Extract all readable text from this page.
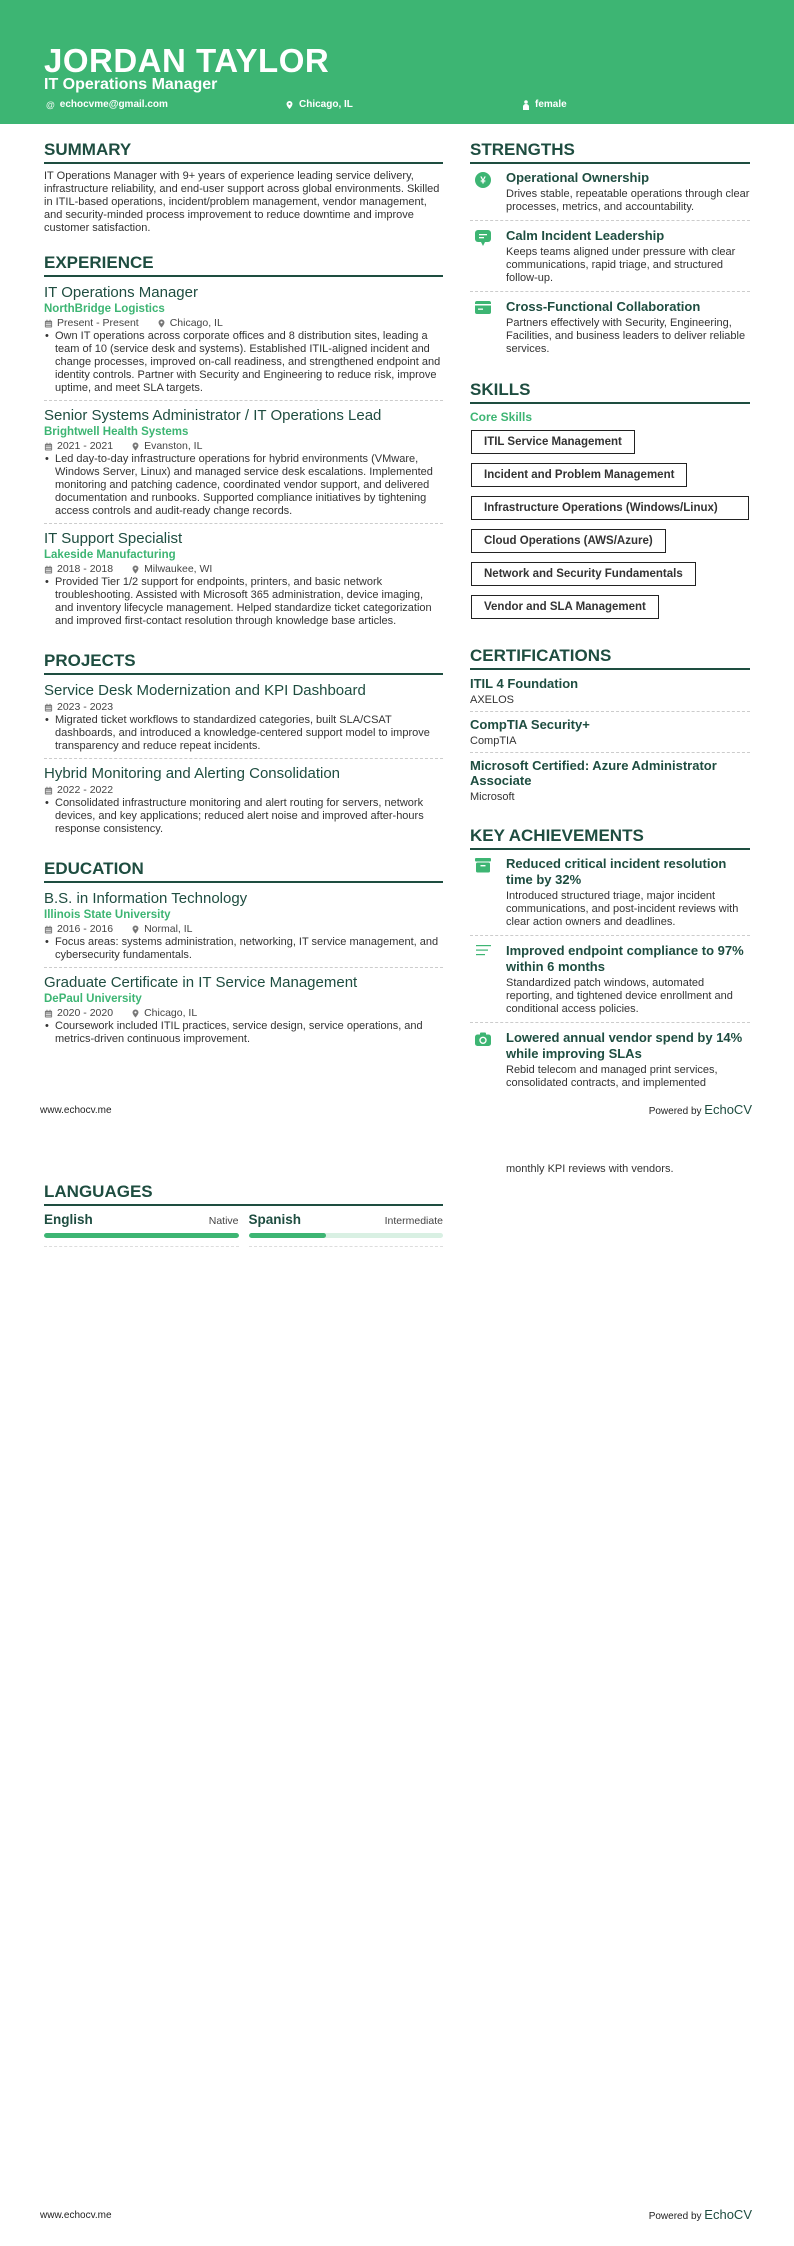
JORDAN TAYLOR
IT Operations Manager
@ echocvme@gmail.com	Chicago, IL	female
SUMMARY
IT Operations Manager with 9+ years of experience leading service delivery, infrastructure reliability, and end-user support across global environments. Skilled in ITIL-based operations, incident/problem management, vendor management, and security-minded process improvement to reduce downtime and improve customer satisfaction.
EXPERIENCE
IT Operations Manager
NorthBridge Logistics
Present - Present	Chicago, IL
• Own IT operations across corporate offices and 8 distribution sites, leading a team of 10 (service desk and systems). Established ITIL-aligned incident and change processes, improved on-call readiness, and strengthened endpoint and identity controls. Partner with Security and Engineering to reduce risk, improve uptime, and meet SLA targets.
Senior Systems Administrator / IT Operations Lead
Brightwell Health Systems
2021 - 2021	Evanston, IL
• Led day-to-day infrastructure operations for hybrid environments (VMware, Windows Server, Linux) and managed service desk escalations. Implemented monitoring and patching cadence, coordinated vendor support, and delivered documentation and runbooks. Supported compliance initiatives by tightening access controls and audit-ready change records.
IT Support Specialist
Lakeside Manufacturing
2018 - 2018	Milwaukee, WI
• Provided Tier 1/2 support for endpoints, printers, and basic network troubleshooting. Assisted with Microsoft 365 administration, device imaging, and inventory lifecycle management. Helped standardize ticket categorization and improved first-contact resolution through knowledge base articles.
PROJECTS
Service Desk Modernization and KPI Dashboard
2023 - 2023
• Migrated ticket workflows to standardized categories, built SLA/CSAT dashboards, and introduced a knowledge-centered support model to improve transparency and reduce repeat incidents.
Hybrid Monitoring and Alerting Consolidation
2022 - 2022
• Consolidated infrastructure monitoring and alert routing for servers, network devices, and key applications; reduced alert noise and improved after-hours response consistency.
EDUCATION
B.S. in Information Technology
Illinois State University
2016 - 2016	Normal, IL
• Focus areas: systems administration, networking, IT service management, and cybersecurity fundamentals.
Graduate Certificate in IT Service Management
DePaul University
2020 - 2020	Chicago, IL
• Coursework included ITIL practices, service design, service operations, and metrics-driven continuous improvement.
STRENGTHS
¥ Operational Ownership
Drives stable, repeatable operations through clear processes, metrics, and accountability.
Calm Incident Leadership
Keeps teams aligned under pressure with clear communications, rapid triage, and structured follow-up.
Cross-Functional Collaboration
Partners effectively with Security, Engineering, Facilities, and business leaders to deliver reliable services.
SKILLS
Core Skills
ITIL Service Management
Incident and Problem Management
Infrastructure Operations (Windows/Linux)
Cloud Operations (AWS/Azure)
Network and Security Fundamentals
Vendor and SLA Management
CERTIFICATIONS
ITIL 4 Foundation
AXELOS
CompTIA Security+
CompTIA
Microsoft Certified: Azure Administrator Associate
Microsoft
KEY ACHIEVEMENTS
Reduced critical incident resolution time by 32%
Introduced structured triage, major incident communications, and post-incident reviews with clear action owners and deadlines.
Improved endpoint compliance to 97% within 6 months
Standardized patch windows, automated reporting, and tightened device enrollment and conditional access policies.
Lowered annual vendor spend by 14% while improving SLAs
Rebid telecom and managed print services, consolidated contracts, and implemented
www.echocv.me	Powered by EchoCV
monthly KPI reviews with vendors.
LANGUAGES
English	Native Spanish	Intermediate
www.echocv.me	Powered by EchoCV
